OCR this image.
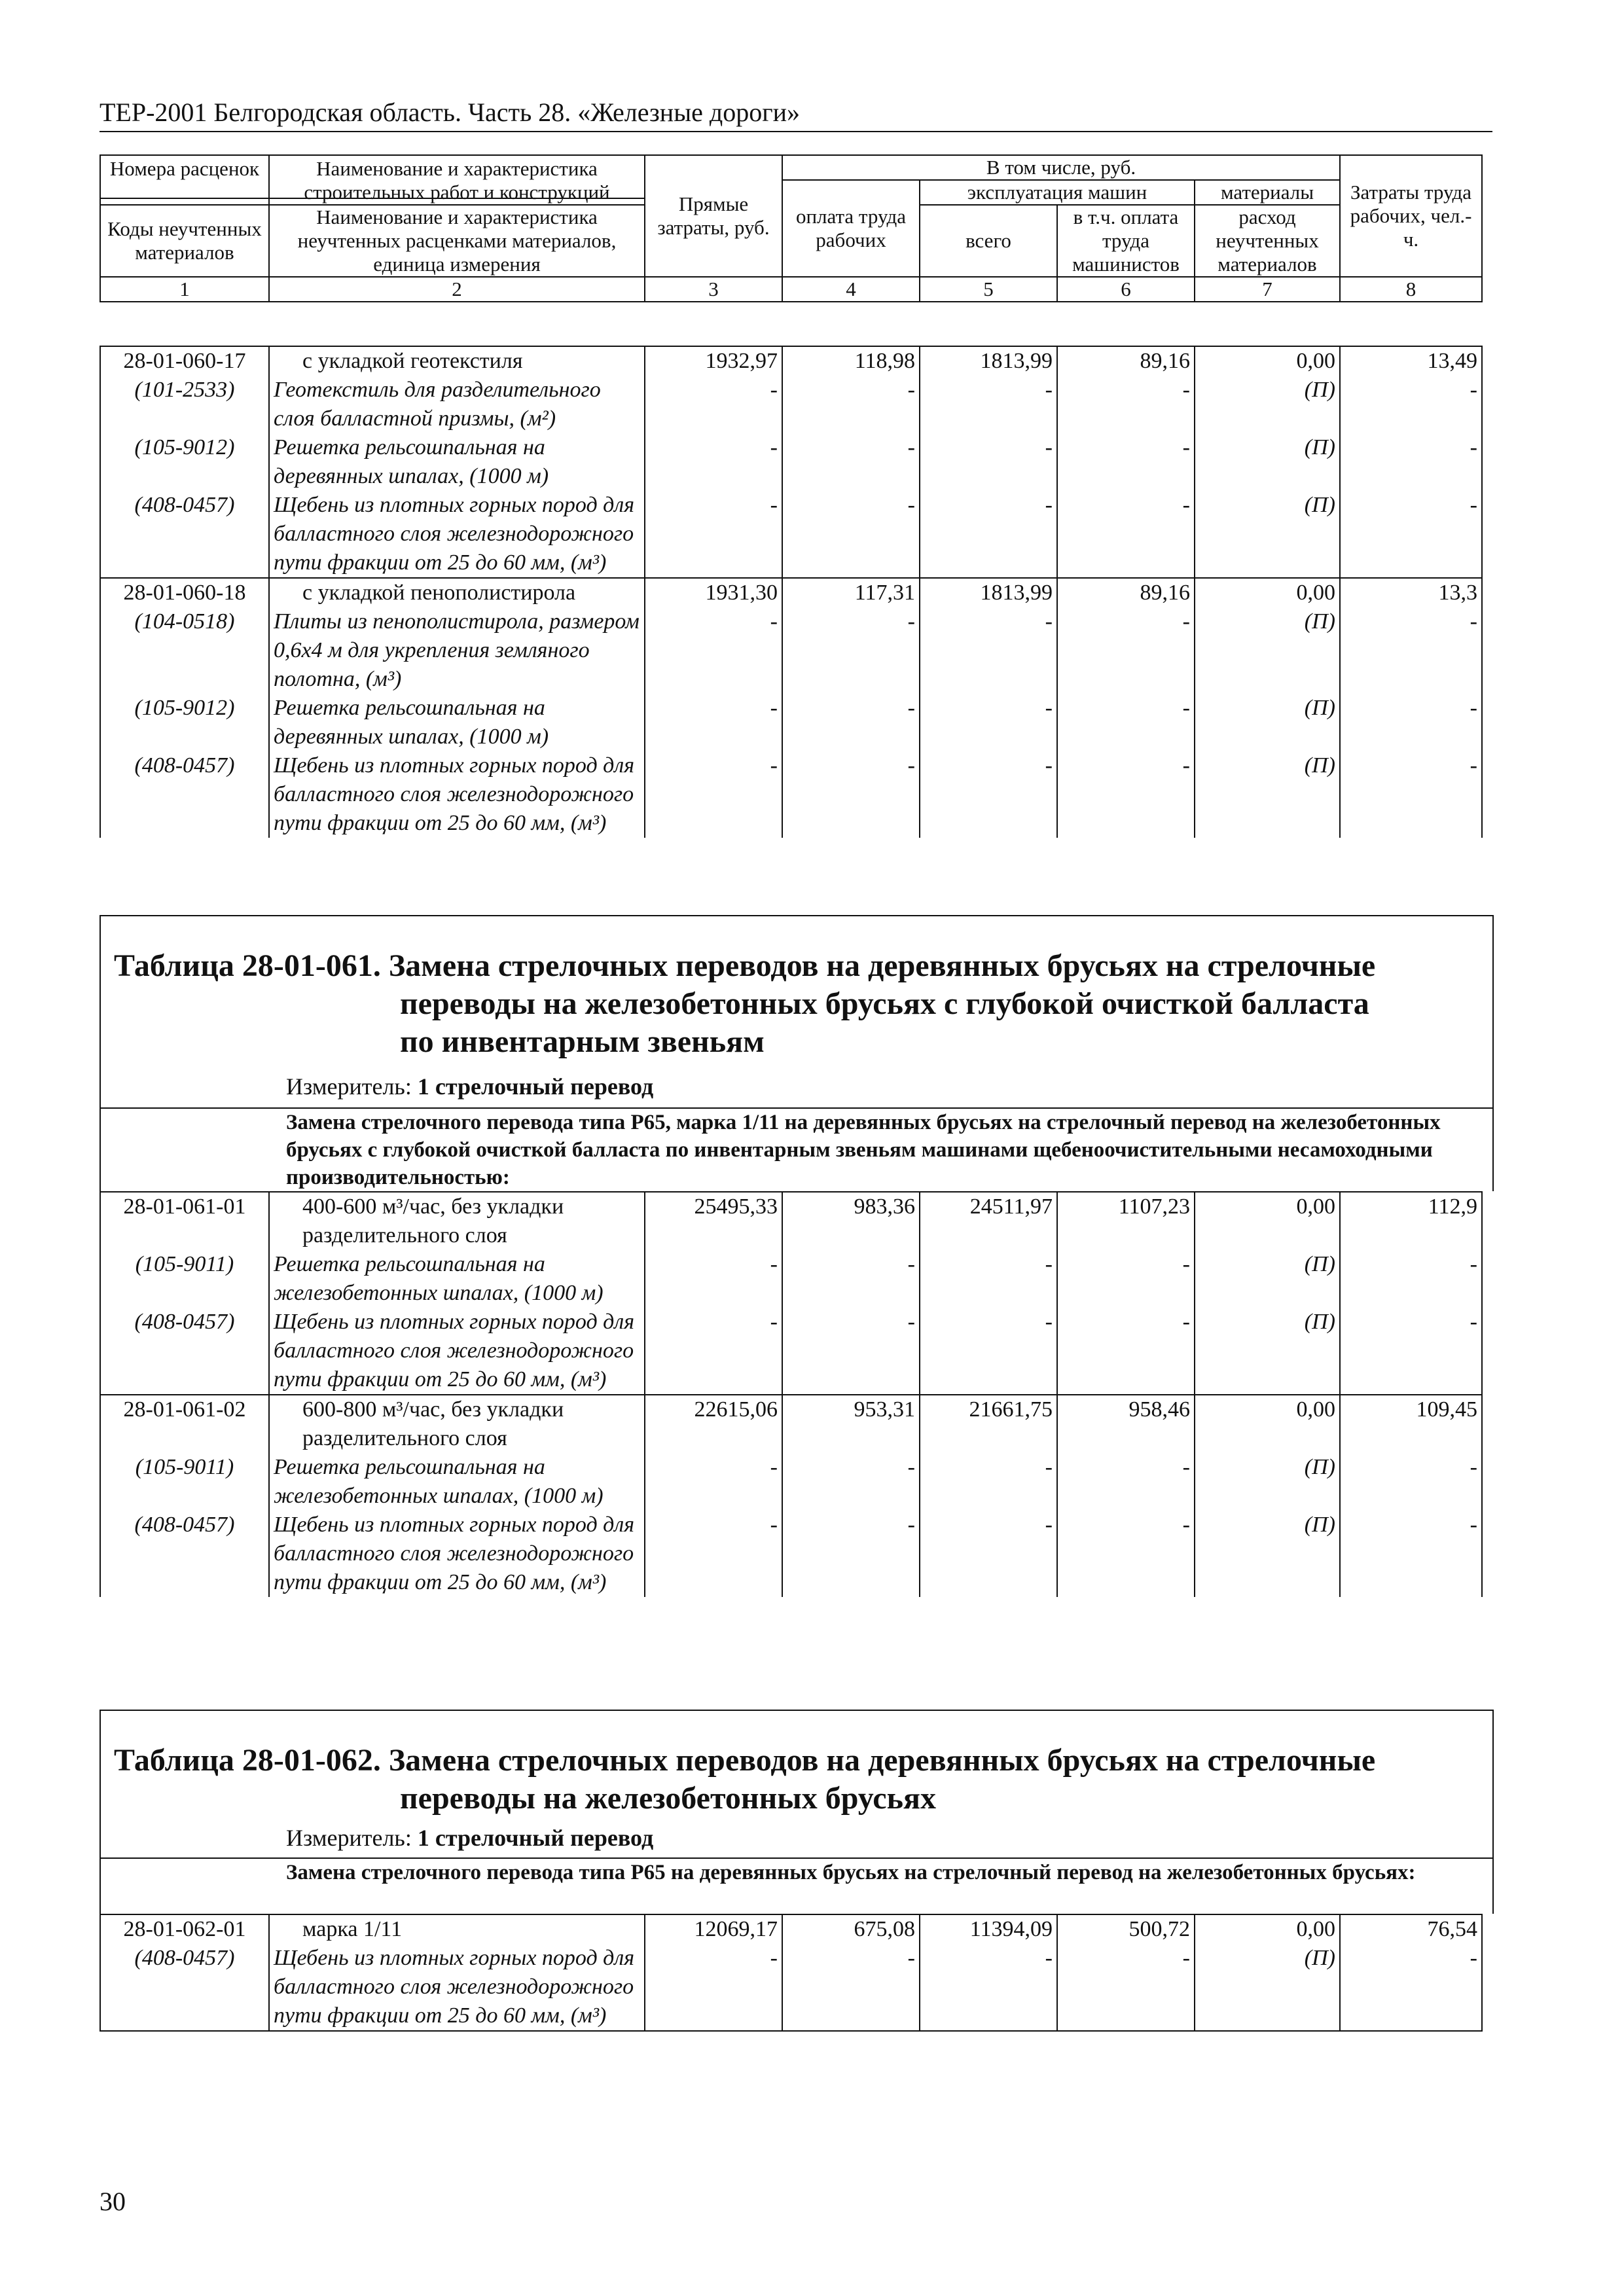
ТЕР-2001 Белгородская область. Часть 28. «Железные дороги»
Номера расценок	Наименование и характеристика строительных работ и конструкций	Прямые затраты, руб.	В том числе, руб.				Затраты труда рабочих, чел.-ч.
			оплата труда рабочих	эксплуатация машин		материалы	
Коды неучтенных материалов	Наименование и характеристика неучтенных расценками материалов, единица измерения			всего	в т.ч. оплата труда машинистов	расход неучтенных материалов	

1	2	3	4	5	6	7	8
28-01-060-17	с укладкой геотекстиля	1932,97	118,98	1813,99	89,16	0,00	13,49
(101-2533)	Геотекстиль для разделительного слоя балластной призмы, (м²)	-	-	-	-	(П)	-
(105-9012)	Решетка рельсошпальная на деревянных шпалах, (1000 м)	-	-	-	-	(П)	-
(408-0457)	Щебень из плотных горных пород для балластного слоя железнодорожного пути фракции от 25 до 60 мм, (м³)	-	-	-	-	(П)	-
28-01-060-18	с укладкой пенополистирола	1931,30	117,31	1813,99	89,16	0,00	13,3
(104-0518)	Плиты из пенополистирола, размером 0,6х4 м для укрепления земляного полотна, (м³)	-	-	-	-	(П)	-
(105-9012)	Решетка рельсошпальная на деревянных шпалах, (1000 м)	-	-	-	-	(П)	-
(408-0457)	Щебень из плотных горных пород для балластного слоя железнодорожного пути фракции от 25 до 60 мм, (м³)	-	-	-	-	(П)	-
Таблица 28-01-061. Замена стрелочных переводов на деревянных брусьях на стрелочные
переводы на железобетонных брусьях с глубокой очисткой балласта
по инвентарным звеньям
Измеритель: 1 стрелочный перевод
Замена стрелочного перевода типа Р65, марка 1/11 на деревянных брусьях на стрелочный перевод на железобетонных брусьях с глубокой очисткой балласта по инвентарным звеньям машинами щебеноочистительными несамоходными производительностью:
28-01-061-01	400-600 м³/час, без укладки разделительного слоя	25495,33	983,36	24511,97	1107,23	0,00	112,9
(105-9011)	Решетка рельсошпальная на железобетонных шпалах, (1000 м)	-	-	-	-	(П)	-
(408-0457)	Щебень из плотных горных пород для балластного слоя железнодорожного пути фракции от 25 до 60 мм, (м³)	-	-	-	-	(П)	-
28-01-061-02	600-800 м³/час, без укладки разделительного слоя	22615,06	953,31	21661,75	958,46	0,00	109,45
(105-9011)	Решетка рельсошпальная на железобетонных шпалах, (1000 м)	-	-	-	-	(П)	-
(408-0457)	Щебень из плотных горных пород для балластного слоя железнодорожного пути фракции от 25 до 60 мм, (м³)	-	-	-	-	(П)	-
Таблица 28-01-062. Замена стрелочных переводов на деревянных брусьях на стрелочные
переводы на железобетонных брусьях
Измеритель: 1 стрелочный перевод
Замена стрелочного перевода типа Р65 на деревянных брусьях на стрелочный перевод на железобетонных брусьях:
28-01-062-01	марка 1/11	12069,17	675,08	11394,09	500,72	0,00	76,54
(408-0457)	Щебень из плотных горных пород для балластного слоя железнодорожного пути фракции от 25 до 60 мм, (м³)	-	-	-	-	(П)	-
30
